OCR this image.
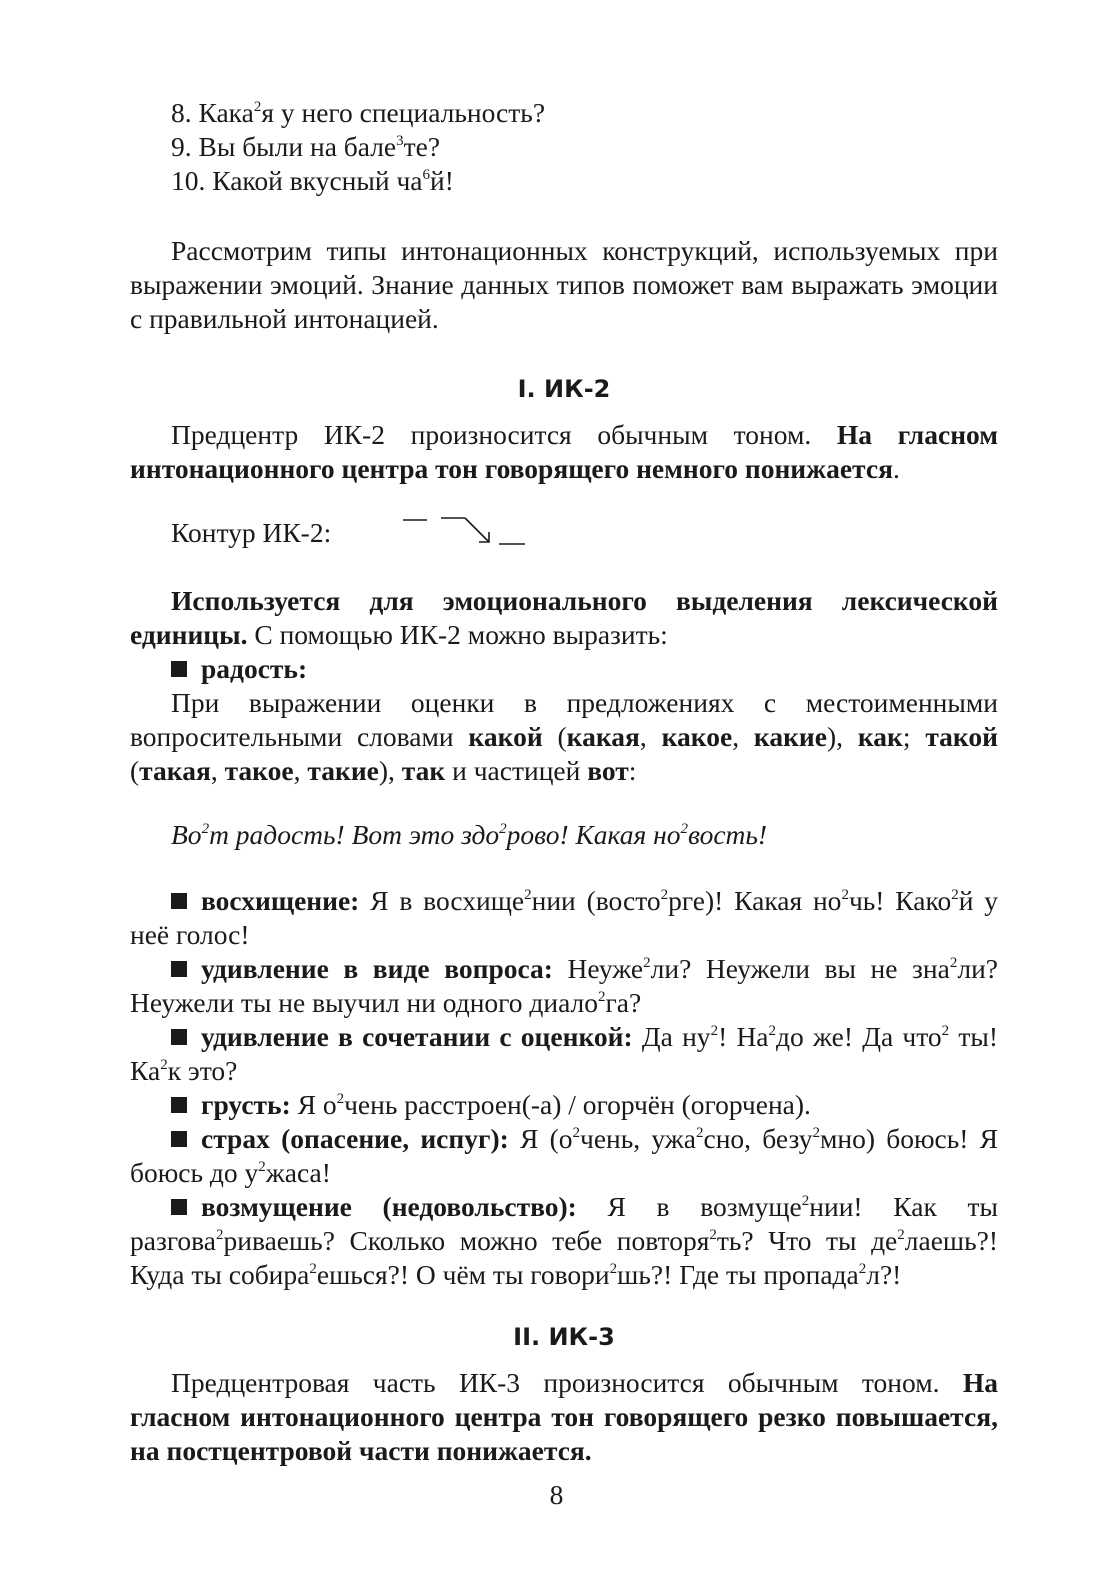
8. Кака$^2$я у него специальность?
9. Вы были на бале$^3$те?
10. Какой вкусный $ча^6й$!

Рассмотрим типы интонационных конструкций, используемых при выражении эмоций. Знание данных типов поможет вам выражать эмоции с правильной интонацией.

I. ИК-2

Предцентр ИК-2 произносится обычным тоном. На гласном интонационного центра тон говорящего немного понижается.

Контур ИК-2:

Используется для эмоционального выделения лексической единицы. С помощью ИК-2 можно выразить:

радость:

При выражении оценки в предложениях с местоименными вопросительными словами какой (какая, какое, какие), как; такой (такая, такое, такие), так и частицей вот:

$Во^2т$ радость! Вот это здо$^2$рово! Какая $но^2вость$!

восхищение: Я в восхище$^2$нии (восто$^2$рге)! Какая $но^2чь$! Како$^2$й у неё голос!

удивление в виде вопроса: Неуже$^2$ли? Неужели вы не зна$^2$ли? Неужели ты не выучил ни одного диало$^2$га?

удивление в сочетании с оценкой: Да $ну^2$! $На^2до$ же! Да что$^2$ ты! $Ка^2к$ это?

грусть: Я $о^2чень$ расстроен(-а) / огорчён (огорчена).

страх (опасение, испуг): Я ($о^2чень$, ужа$^2$сно, безу$^2$мно) боюсь! Я боюсь до $у^2жаса$!

возмущение (недовольство): Я в возмуще$^2$нии! Как ты разгова$^2$риваешь? Сколько можно тебе повторя$^2$ть? Что ты $де^2лаешь$?! Куда ты собира$^2$ешься?! О чём ты говори$^2$шь?! Где ты пропада$^2$л?!

II. ИК-3

Предцентровая часть ИК-3 произносится обычным тоном. На гласном интонационного центра тон говорящего резко повышается, на постцентровой части понижается.

8
